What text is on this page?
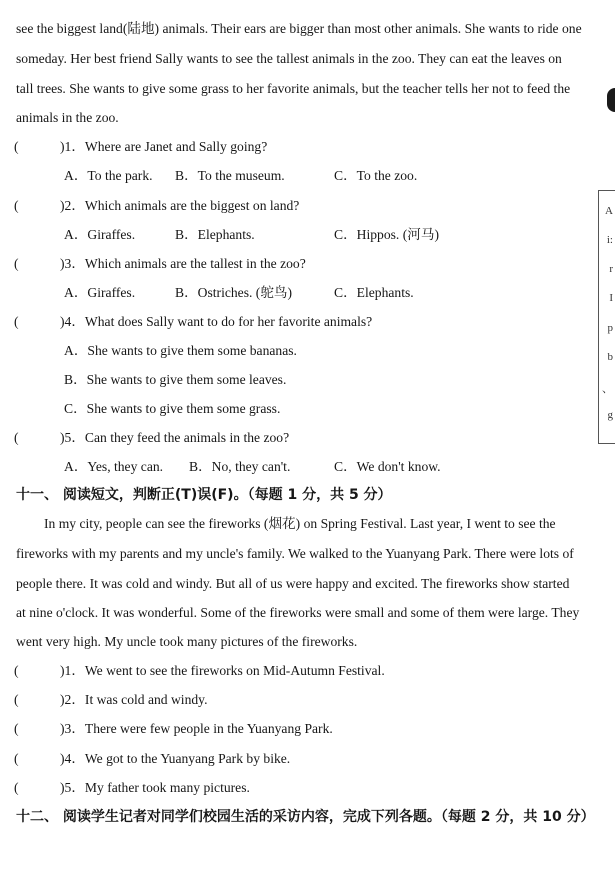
see the biggest land(陆地) animals. Their ears are bigger than most other animals. She wants to ride one
someday. Her best friend Sally wants to see the tallest animals in the zoo. They can eat the leaves on
tall trees. She wants to give some grass to her favorite animals, but the teacher tells her not to feed the
animals in the zoo.
(	)1．Where are Janet and Sally going?
A．To the park. B．To the museum.	C．To the zoo.
(	)2．Which animals are the biggest on land?
A．Giraffes.	B．Elephants.	C．Hippos. (河马)
(	)3．Which animals are the tallest in the zoo?
A．Giraffes.	B．Ostriches. (鸵鸟)	C．Elephants.
(	)4．What does Sally want to do for her favorite animals?
A．She wants to give them some bananas.
B．She wants to give them some leaves.
C．She wants to give them some grass.
(	)5．Can they feed the animals in the zoo?
A．Yes, they can. B．No, they can't.	C．We don't know.
十一、 阅读短文，判断正(T)误(F)。（每题 1 分，共 5 分）
In my city, people can see the fireworks (烟花) on Spring Festival. Last year, I went to see the
fireworks with my parents and my uncle's family. We walked to the Yuanyang Park. There were lots of
people there. It was cold and windy. But all of us were happy and excited. The fireworks show started
at nine o'clock. It was wonderful. Some of the fireworks were small and some of them were large. They
went very high. My uncle took many pictures of the fireworks.
(	)1．We went to see the fireworks on Mid-Autumn Festival.
(	)2．It was cold and windy.
(	)3．There were few people in the Yuanyang Park.
(	)4．We got to the Yuanyang Park by bike.
(	)5．My father took many pictures.
十二、 阅读学生记者对同学们校园生活的采访内容，完成下列各题。（每题 2 分，共 10 分）
A
i:
r
I
p
b
、
g
